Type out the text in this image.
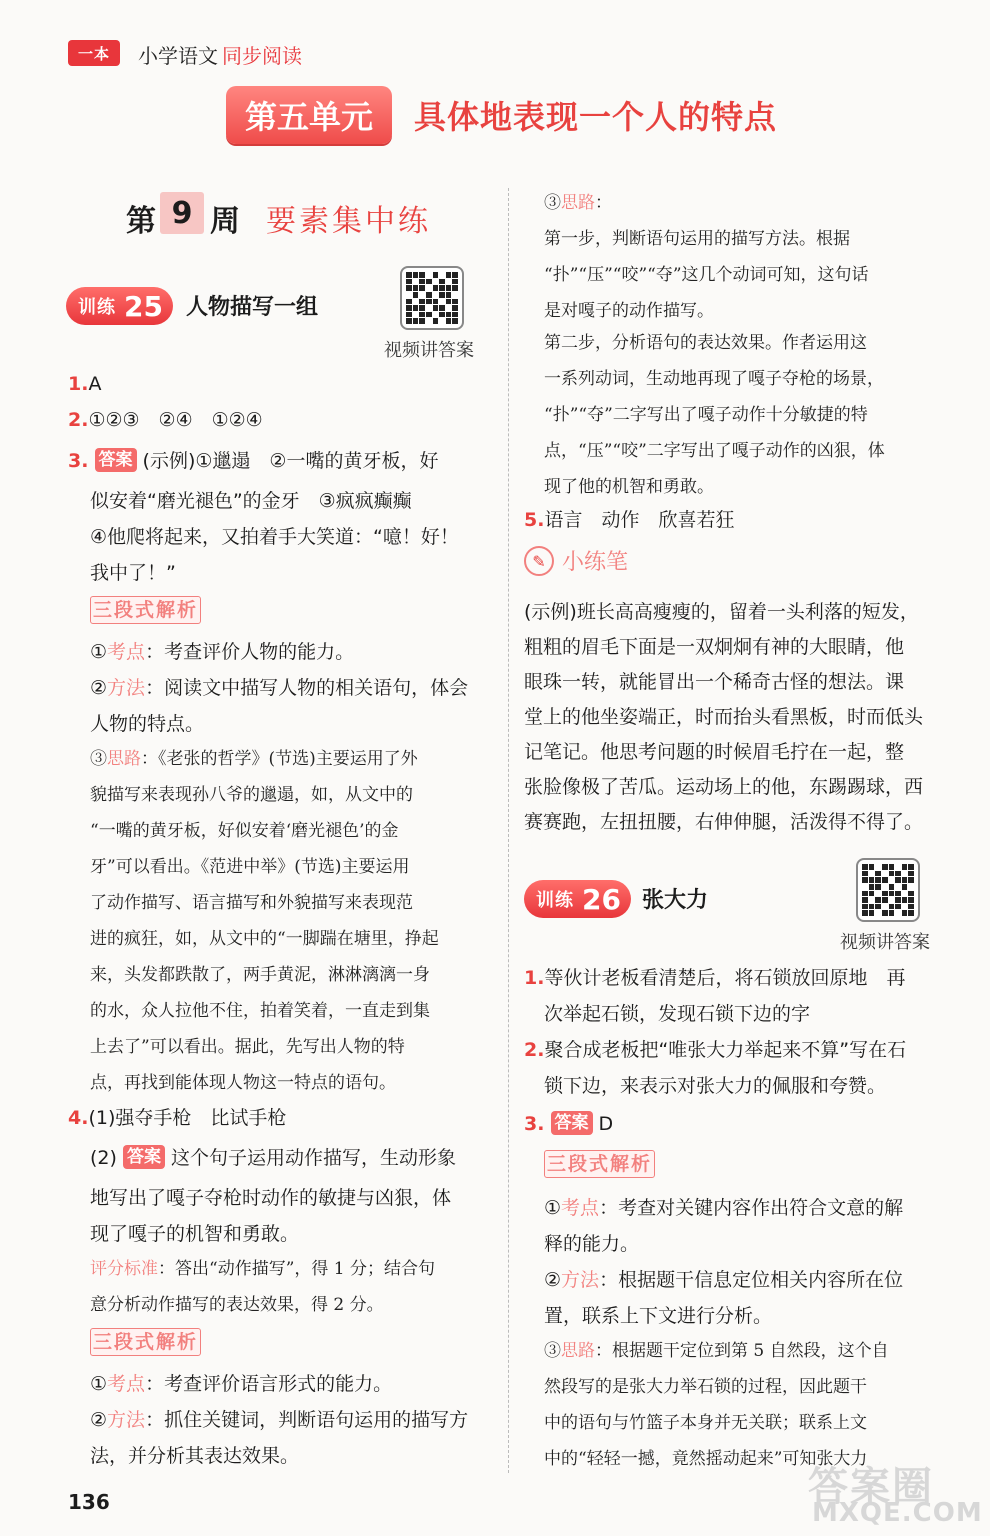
一本	小学语文 同步阅读
第五单元	具体地表现一个人的特点
第 9 周 要素集中练
训练 25 人物描写一组
视频讲答案
1.A
2.①②③　②④　①②④
3. 答案 (示例)①邋遢　②一嘴的黄牙板，好
似安着“磨光褪色”的金牙　③疯疯癫癫
④他爬将起来，又拍着手大笑道：“噫！好！
我中了！”
三段式解析
①考点：考查评价人物的能力。
②方法：阅读文中描写人物的相关语句，体会
人物的特点。
③思路：《老张的哲学》(节选)主要运用了外
貌描写来表现孙八爷的邋遢，如，从文中的
“一嘴的黄牙板，好似安着‘磨光褪色’的金
牙”可以看出。《范进中举》(节选)主要运用
了动作描写、语言描写和外貌描写来表现范
进的疯狂，如，从文中的“一脚踹在塘里，挣起
来，头发都跌散了，两手黄泥，淋淋漓漓一身
的水，众人拉他不住，拍着笑着，一直走到集
上去了”可以看出。据此，先写出人物的特
点，再找到能体现人物这一特点的语句。
4.(1)强夺手枪　比试手枪
(2) 答案 这个句子运用动作描写，生动形象
地写出了嘎子夺枪时动作的敏捷与凶狠，体
现了嘎子的机智和勇敢。
评分标准：答出“动作描写”，得 1 分；结合句
意分析动作描写的表达效果，得 2 分。
三段式解析
①考点：考查评价语言形式的能力。
②方法：抓住关键词，判断语句运用的描写方
法，并分析其表达效果。
③思路：
第一步，判断语句运用的描写方法。根据
“扑”“压”“咬”“夺”这几个动词可知，这句话
是对嘎子的动作描写。
第二步，分析语句的表达效果。作者运用这
一系列动词，生动地再现了嘎子夺枪的场景，
“扑”“夺”二字写出了嘎子动作十分敏捷的特
点，“压”“咬”二字写出了嘎子动作的凶狠，体
现了他的机智和勇敢。
5.语言　动作　欣喜若狂
✎ 小练笔
(示例)班长高高瘦瘦的，留着一头利落的短发，
粗粗的眉毛下面是一双炯炯有神的大眼睛，他
眼珠一转，就能冒出一个稀奇古怪的想法。课
堂上的他坐姿端正，时而抬头看黑板，时而低头
记笔记。他思考问题的时候眉毛拧在一起，整
张脸像极了苦瓜。运动场上的他，东踢踢球，西
赛赛跑，左扭扭腰，右伸伸腿，活泼得不得了。
训练 26 张大力
视频讲答案
1.等伙计老板看清楚后，将石锁放回原地　再
次举起石锁，发现石锁下边的字
2.聚合成老板把“唯张大力举起来不算”写在石
锁下边，来表示对张大力的佩服和夸赞。
3. 答案 D
三段式解析
①考点：考查对关键内容作出符合文意的解
释的能力。
②方法：根据题干信息定位相关内容所在位
置，联系上下文进行分析。
③思路：根据题干定位到第 5 自然段，这个自
然段写的是张大力举石锁的过程，因此题干
中的语句与竹篮子本身并无关联；联系上文
中的“轻轻一撼，竟然摇动起来”可知张大力
136	答案圈
MXQE.COM
